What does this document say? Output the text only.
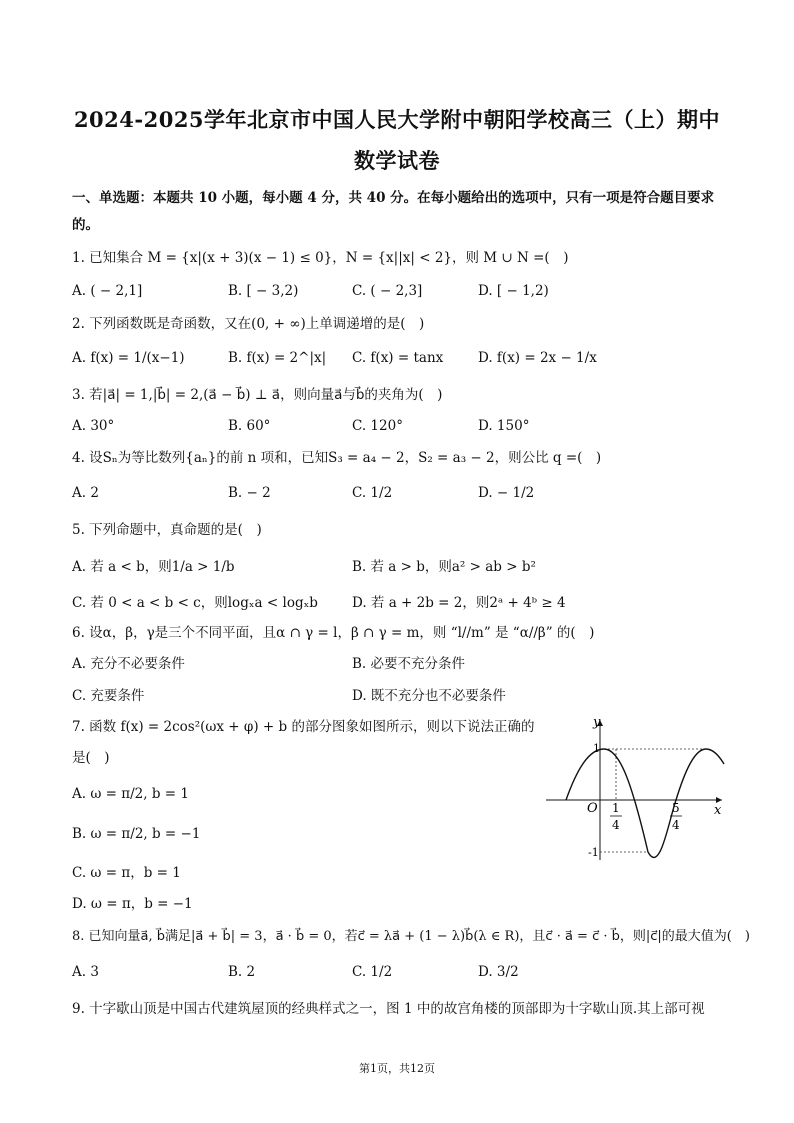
2024-2025学年北京市中国人民大学附中朝阳学校高三（上）期中
数学试卷
一、单选题：本题共 10 小题，每小题 4 分，共 40 分。在每小题给出的选项中，只有一项是符合题目要求的。
1. 已知集合 M = {x|(x + 3)(x − 1) ≤ 0}，N = {x||x| < 2}，则 M ∪ N =(　)
A. ( − 2,1]	B. [ − 3,2)	C. ( − 2,3]	D. [ − 1,2)
2. 下列函数既是奇函数，又在(0, + ∞)上单调递增的是(　)
A. f(x) = 1/(x−1)	B. f(x) = 2^|x| C. f(x) = tanx	D. f(x) = 2x − 1/x
3. 若|a⃗| = 1,|b⃗| = 2,(a⃗ − b⃗) ⊥ a⃗，则向量a⃗与b⃗的夹角为(　)
A. 30°	B. 60°	C. 120°	D. 150°
4. 设Sₙ为等比数列{aₙ}的前 n 项和，已知S₃ = a₄ − 2，S₂ = a₃ − 2，则公比 q =(　)
A. 2	B. − 2	C. 1/2	D. − 1/2
5. 下列命题中，真命题的是(　)
A. 若 a < b，则1/a > 1/b	B. 若 a > b，则a² > ab > b²
C. 若 0 < a < b < c，则logₓa < logₓb	D. 若 a + 2b = 2，则2ᵃ + 4ᵇ ≥ 4
6. 设α，β，γ是三个不同平面，且α ∩ γ = l，β ∩ γ = m，则 “l//m” 是 “α//β” 的(　)
A. 充分不必要条件	B. 必要不充分条件
C. 充要条件	D. 既不充分也不必要条件
7. 函数 f(x) = 2cos²(ωx + φ) + b 的部分图象如图所示，则以下说法正确的
是(　)
A. ω = π/2, b = 1
B. ω = π/2, b = −1
C. ω = π，b = 1
D. ω = π，b = −1
y
x
O
1
-1
1
4
5
4
8. 已知向量a⃗, b⃗满足|a⃗ + b⃗| = 3，a⃗ · b⃗ = 0，若c⃗ = λa⃗ + (1 − λ)b⃗(λ ∈ R)，且c⃗ · a⃗ = c⃗ · b⃗，则|c⃗|的最大值为(　)
A. 3	B. 2	C. 1/2	D. 3/2
9. 十字歇山顶是中国古代建筑屋顶的经典样式之一，图 1 中的故宫角楼的顶部即为十字歇山顶.其上部可视
第1页，共12页
